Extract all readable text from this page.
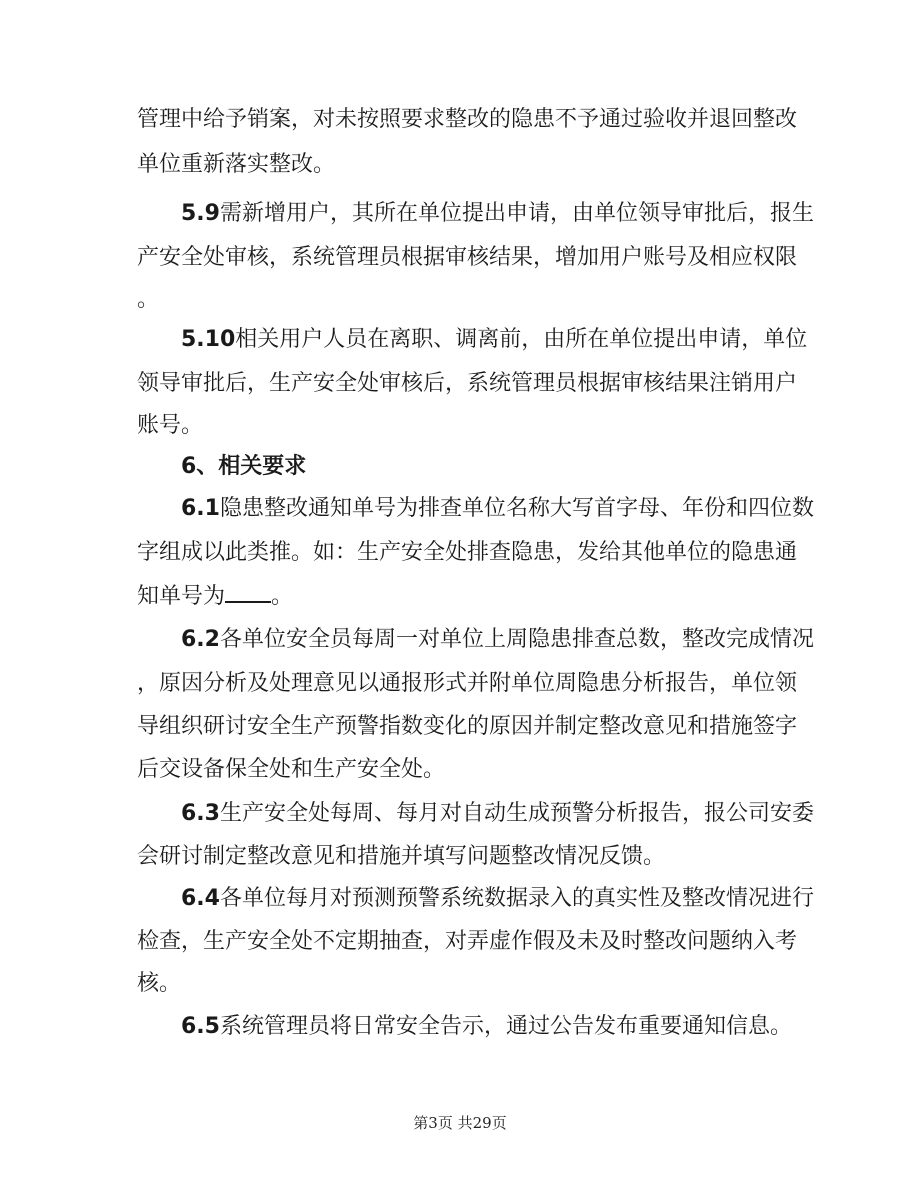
管理中给予销案，对未按照要求整改的隐患不予通过验收并退回整改
单位重新落实整改。
5.9需新增用户，其所在单位提出申请，由单位领导审批后，报生
产安全处审核，系统管理员根据审核结果，增加用户账号及相应权限
。
5.10相关用户人员在离职、调离前，由所在单位提出申请，单位
领导审批后，生产安全处审核后，系统管理员根据审核结果注销用户
账号。
6、相关要求
6.1隐患整改通知单号为排查单位名称大写首字母、年份和四位数
字组成以此类推。如：生产安全处排查隐患，发给其他单位的隐患通
知单号为 。
6.2各单位安全员每周一对单位上周隐患排查总数，整改完成情况
，原因分析及处理意见以通报形式并附单位周隐患分析报告，单位领
导组织研讨安全生产预警指数变化的原因并制定整改意见和措施签字
后交设备保全处和生产安全处。
6.3生产安全处每周、每月对自动生成预警分析报告，报公司安委
会研讨制定整改意见和措施并填写问题整改情况反馈。
6.4各单位每月对预测预警系统数据录入的真实性及整改情况进行
检查，生产安全处不定期抽查，对弄虚作假及未及时整改问题纳入考
核。
6.5系统管理员将日常安全告示，通过公告发布重要通知信息。
第3页 共29页
